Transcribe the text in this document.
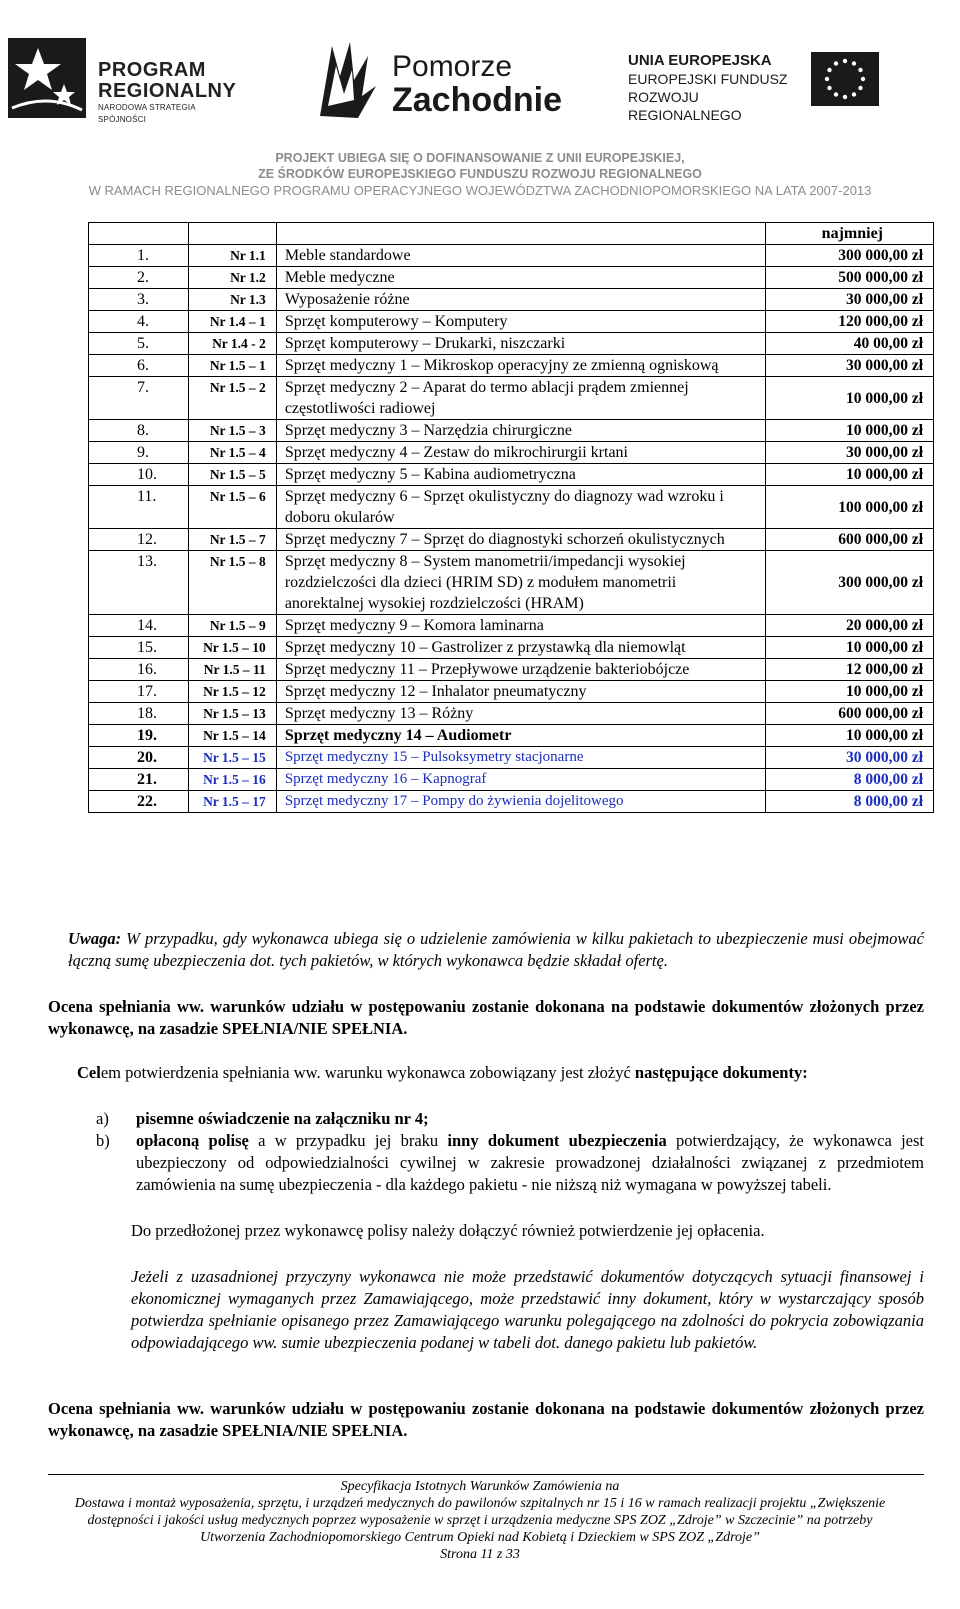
PROGRAM
REGIONALNY
NARODOWA STRATEGIA SPÓJNOŚCI
Pomorze
Zachodnie
UNIA EUROPEJSKA
EUROPEJSKI FUNDUSZ
ROZWOJU REGIONALNEGO
PROJEKT UBIEGA SIĘ O DOFINANSOWANIE Z UNII EUROPEJSKIEJ,
ZE ŚRODKÓW EUROPEJSKIEGO FUNDUSZU ROZWOJU REGIONALNEGO
W RAMACH REGIONALNEGO PROGRAMU OPERACYJNEGO WOJEWÓDZTWA ZACHODNIOPOMORSKIEGO NA LATA 2007-2013
			najmniej
1.	Nr 1.1	Meble standardowe	300 000,00 zł
2.	Nr 1.2	Meble medyczne	500 000,00 zł
3.	Nr 1.3	Wyposażenie różne	30 000,00 zł
4.	Nr 1.4 – 1	Sprzęt komputerowy – Komputery	120 000,00 zł
5.	Nr 1.4 - 2	Sprzęt komputerowy – Drukarki, niszczarki	40 00,00 zł
6.	Nr 1.5 – 1	Sprzęt medyczny 1 – Mikroskop operacyjny ze zmienną ogniskową	30 000,00 zł
7.	Nr 1.5 – 2	Sprzęt medyczny 2 – Aparat do termo ablacji prądem zmiennej częstotliwości radiowej	10 000,00 zł
8.	Nr 1.5 – 3	Sprzęt medyczny 3 – Narzędzia chirurgiczne	10 000,00 zł
9.	Nr 1.5 – 4	Sprzęt medyczny 4 – Zestaw do mikrochirurgii krtani	30 000,00 zł
10.	Nr 1.5 – 5	Sprzęt medyczny 5 – Kabina audiometryczna	10 000,00 zł
11.	Nr 1.5 – 6	Sprzęt medyczny 6 – Sprzęt okulistyczny do diagnozy wad wzroku i doboru okularów	100 000,00 zł
12.	Nr 1.5 – 7	Sprzęt medyczny 7 – Sprzęt do diagnostyki schorzeń okulistycznych	600 000,00 zł
13.	Nr 1.5 – 8	Sprzęt medyczny 8 – System manometrii/impedancji wysokiej rozdzielczości dla dzieci (HRIM SD) z modułem manometrii anorektalnej wysokiej rozdzielczości (HRAM)	300 000,00 zł
14.	Nr 1.5 – 9	Sprzęt medyczny 9 – Komora laminarna	20 000,00 zł
15.	Nr 1.5 – 10	Sprzęt medyczny 10 – Gastrolizer z przystawką dla niemowląt	10 000,00 zł
16.	Nr 1.5 – 11	Sprzęt medyczny 11 – Przepływowe urządzenie bakteriobójcze	12 000,00 zł
17.	Nr 1.5 – 12	Sprzęt medyczny 12 – Inhalator pneumatyczny	10 000,00 zł
18.	Nr 1.5 – 13	Sprzęt medyczny 13 – Różny	600 000,00 zł
19.	Nr 1.5 – 14	Sprzęt medyczny 14 – Audiometr	10 000,00 zł
20.	Nr 1.5 – 15	Sprzęt medyczny 15 – Pulsoksymetry stacjonarne	30 000,00 zł
21.	Nr 1.5 – 16	Sprzęt medyczny 16 – Kapnograf	8 000,00 zł
22.	Nr 1.5 – 17	Sprzęt medyczny 17 – Pompy do żywienia dojelitowego	8 000,00 zł
Uwaga: W przypadku, gdy wykonawca ubiega się o udzielenie zamówienia w kilku pakietach to ubezpieczenie musi obejmować łączną sumę ubezpieczenia dot. tych pakietów, w których wykonawca będzie składał ofertę.
Ocena spełniania ww. warunków udziału w postępowaniu zostanie dokonana na podstawie dokumentów złożonych przez wykonawcę, na zasadzie SPEŁNIA/NIE SPEŁNIA.
Celem potwierdzenia spełniania ww. warunku wykonawca zobowiązany jest złożyć następujące dokumenty:
a)	pisemne oświadczenie na załączniku nr 4;
b)	opłaconą polisę a w przypadku jej braku inny dokument ubezpieczenia potwierdzający, że wykonawca jest ubezpieczony od odpowiedzialności cywilnej w zakresie prowadzonej działalności związanej z przedmiotem zamówienia na sumę ubezpieczenia - dla każdego pakietu - nie niższą niż wymagana w powyższej tabeli.
Do przedłożonej przez wykonawcę polisy należy dołączyć również potwierdzenie jej opłacenia.
Jeżeli z uzasadnionej przyczyny wykonawca nie może przedstawić dokumentów dotyczących sytuacji finansowej i ekonomicznej wymaganych przez Zamawiającego, może przedstawić inny dokument, który w wystarczający sposób potwierdza spełnianie opisanego przez Zamawiającego warunku polegającego na zdolności do pokrycia zobowiązania odpowiadającego ww. sumie ubezpieczenia podanej w tabeli dot. danego pakietu lub pakietów.
Ocena spełniania ww. warunków udziału w postępowaniu zostanie dokonana na podstawie dokumentów złożonych przez wykonawcę, na zasadzie SPEŁNIA/NIE SPEŁNIA.
Specyfikacja Istotnych Warunków Zamówienia na
Dostawa i montaż wyposażenia, sprzętu, i urządzeń medycznych do pawilonów szpitalnych nr 15 i 16 w ramach realizacji projektu „Zwiększenie
dostępności i jakości usług medycznych poprzez wyposażenie w sprzęt i urządzenia medyczne SPS ZOZ „Zdroje” w Szczecinie” na potrzeby
Utworzenia Zachodniopomorskiego Centrum Opieki nad Kobietą i Dzieckiem w SPS ZOZ „Zdroje”
Strona 11 z 33
